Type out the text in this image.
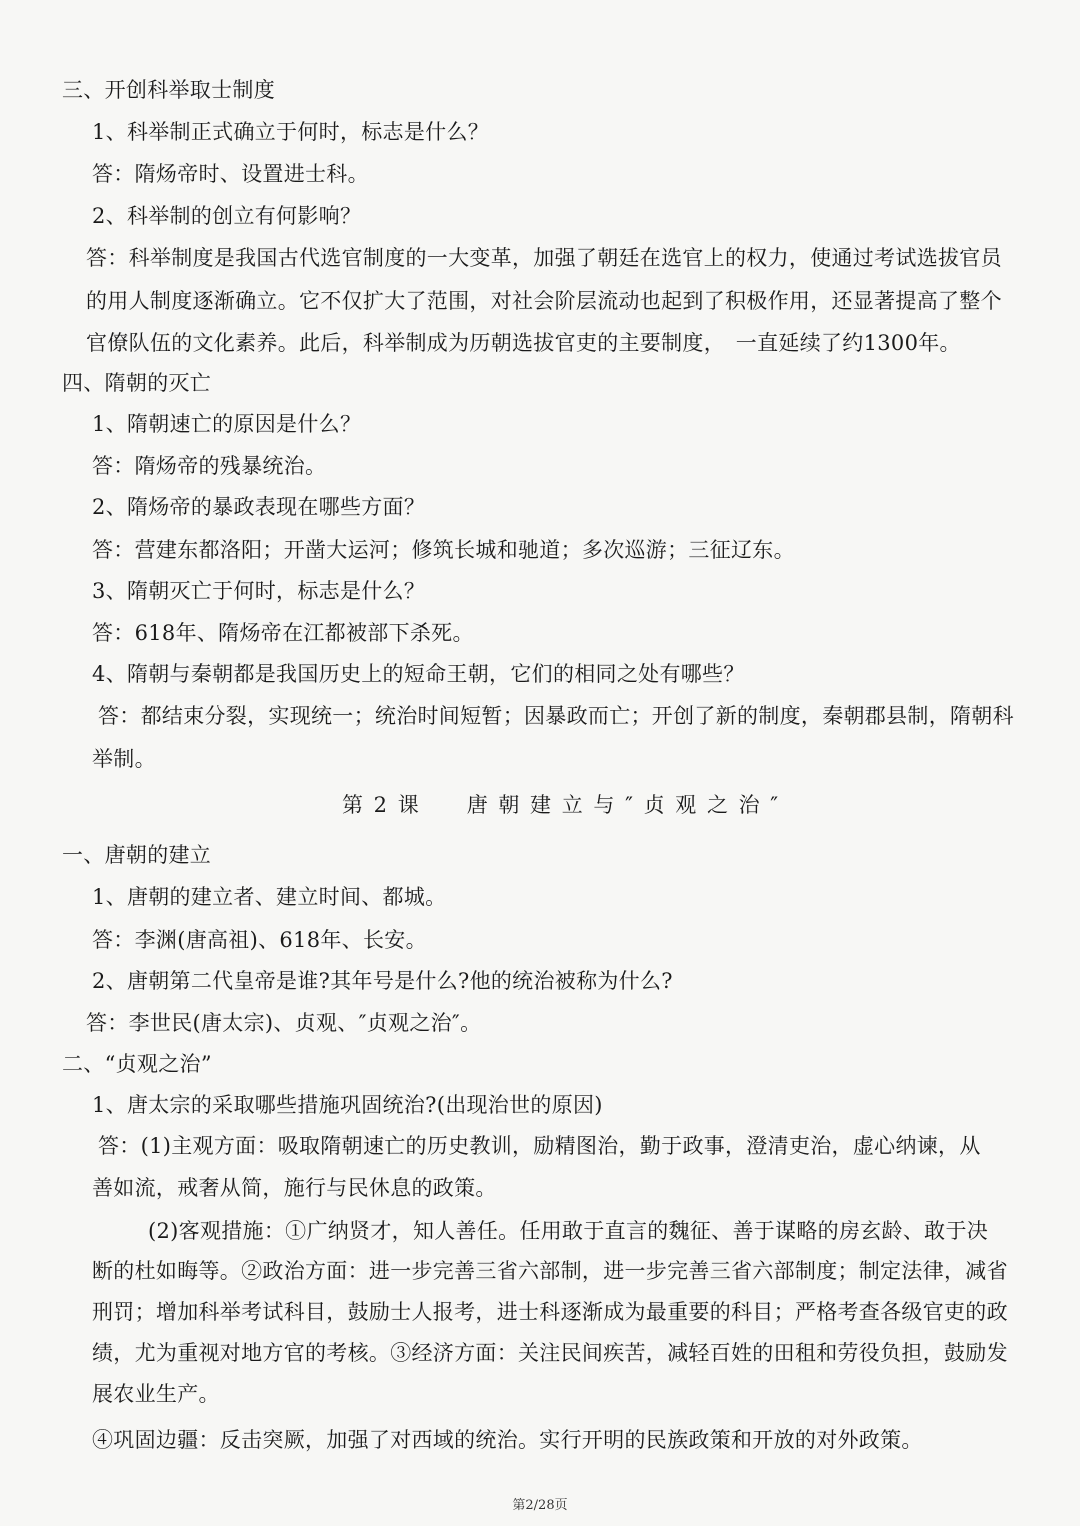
三、开创科举取士制度
1、科举制正式确立于何时，标志是什么？
答：隋炀帝时、设置进士科。
2、科举制的创立有何影响？
答：科举制度是我国古代选官制度的一大变革，加强了朝廷在选官上的权力，使通过考试选拔官员
的用人制度逐渐确立。它不仅扩大了范围，对社会阶层流动也起到了积极作用，还显著提高了整个
官僚队伍的文化素养。此后，科举制成为历朝选拔官吏的主要制度，　一直延续了约1300年。
四、隋朝的灭亡
1、隋朝速亡的原因是什么？
答：隋炀帝的残暴统治。
2、隋炀帝的暴政表现在哪些方面？
答：营建东都洛阳；开凿大运河；修筑长城和驰道；多次巡游；三征辽东。
3、隋朝灭亡于何时，标志是什么？
答：618年、隋炀帝在江都被部下杀死。
4、隋朝与秦朝都是我国历史上的短命王朝，它们的相同之处有哪些？
答：都结束分裂，实现统一；统治时间短暂；因暴政而亡；开创了新的制度，秦朝郡县制，隋朝科
举制。
第 2 课　　唐 朝 建 立 与 ″ 贞 观 之 治 ″
一、唐朝的建立
1、唐朝的建立者、建立时间、都城。
答：李渊(唐高祖)、618年、长安。
2、唐朝第二代皇帝是谁?其年号是什么?他的统治被称为什么?
答：李世民(唐太宗)、贞观、″贞观之治″。
二、“贞观之治”
1、唐太宗的采取哪些措施巩固统治?(出现治世的原因)
答：(1)主观方面：吸取隋朝速亡的历史教训，励精图治，勤于政事，澄清吏治，虚心纳谏，从
善如流，戒奢从简，施行与民休息的政策。
(2)客观措施：①广纳贤才，知人善任。任用敢于直言的魏征、善于谋略的房玄龄、敢于决
断的杜如晦等。②政治方面：进一步完善三省六部制，进一步完善三省六部制度；制定法律，减省
刑罚；增加科举考试科目，鼓励士人报考，进士科逐渐成为最重要的科目；严格考查各级官吏的政
绩，尤为重视对地方官的考核。③经济方面：关注民间疾苦，减轻百姓的田租和劳役负担，鼓励发
展农业生产。
④巩固边疆：反击突厥，加强了对西域的统治。实行开明的民族政策和开放的对外政策。
第2/28页
